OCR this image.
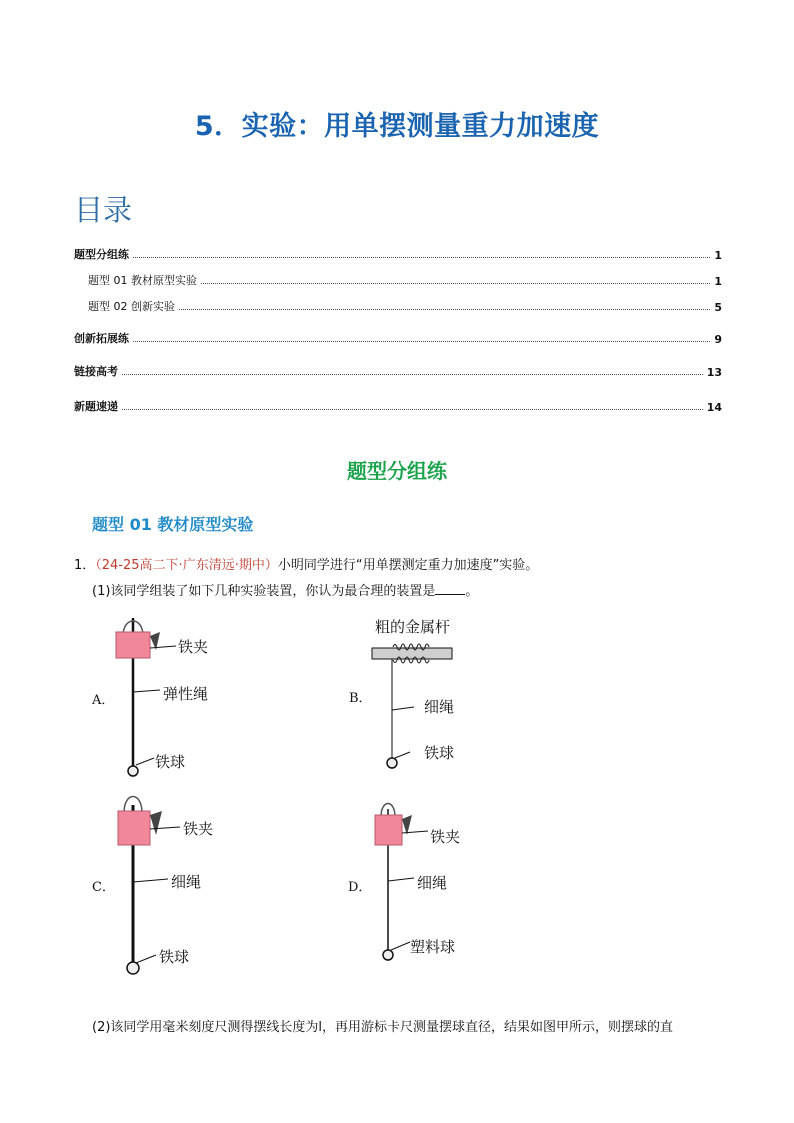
5．实验：用单摆测量重力加速度
目录
题型分组练	1
题型 01 教材原型实验	1
题型 02 创新实验	5
创新拓展练	9
链接高考	13
新题速递	14
题型分组练
题型 01 教材原型实验
1．（24-25高二下·广东清远·期中）小明同学进行“用单摆测定重力加速度”实验。
(1)该同学组装了如下几种实验装置，你认为最合理的装置是 。
A．
铁夹
弹性绳
铁球
粗的金属杆
B．	细绳
铁球
C．
铁夹
细绳
铁球
D．
铁夹
细绳
塑料球
(2)该同学用毫米刻度尺测得摆线长度为l，再用游标卡尺测量摆球直径，结果如图甲所示，则摆球的直
